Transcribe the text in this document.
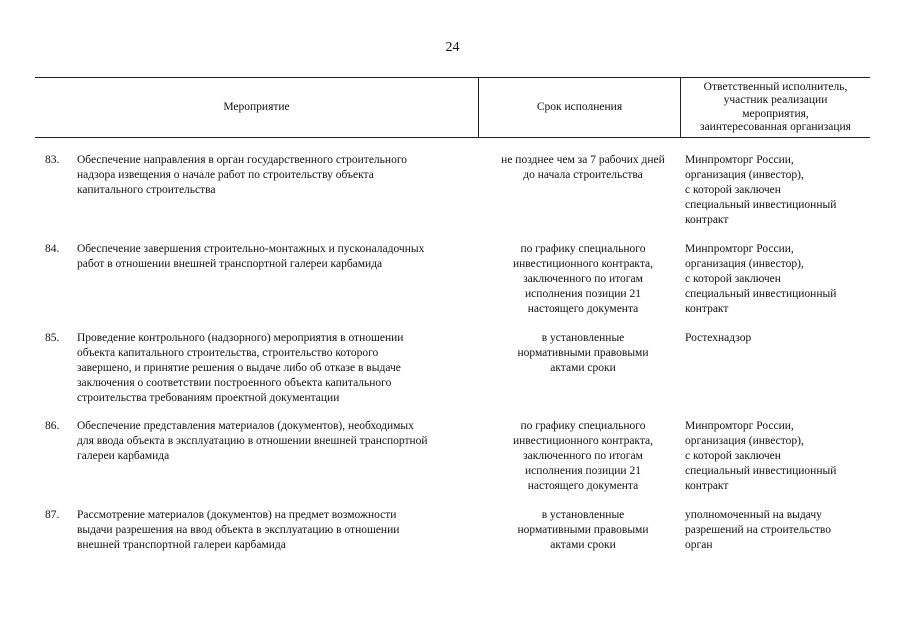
24
Мероприятие	Срок исполнения
Ответственный исполнитель,
участник реализации
мероприятия,
заинтересованная организация
83. Обеспечение направления в орган государственного строительного
надзора извещения о начале работ по строительству объекта
капитального строительства
не позднее чем за 7 рабочих дней
до начала строительства
Минпромторг России,
организация (инвестор),
с которой заключен
специальный инвестиционный
контракт
84. Обеспечение завершения строительно-монтажных и пусконаладочных
работ в отношении внешней транспортной галереи карбамида
по графику специального
инвестиционного контракта,
заключенного по итогам
исполнения позиции 21
настоящего документа
Минпромторг России,
организация (инвестор),
с которой заключен
специальный инвестиционный
контракт
85. Проведение контрольного (надзорного) мероприятия в отношении
объекта капитального строительства, строительство которого
завершено, и принятие решения о выдаче либо об отказе в выдаче
заключения о соответствии построенного объекта капитального
строительства требованиям проектной документации
в установленные
нормативными правовыми
актами сроки
Ростехнадзор
86. Обеспечение представления материалов (документов), необходимых
для ввода объекта в эксплуатацию в отношении внешней транспортной
галереи карбамида
по графику специального
инвестиционного контракта,
заключенного по итогам
исполнения позиции 21
настоящего документа
Минпромторг России,
организация (инвестор),
с которой заключен
специальный инвестиционный
контракт
87. Рассмотрение материалов (документов) на предмет возможности
выдачи разрешения на ввод объекта в эксплуатацию в отношении
внешней транспортной галереи карбамида
в установленные
нормативными правовыми
актами сроки
уполномоченный на выдачу
разрешений на строительство
орган
